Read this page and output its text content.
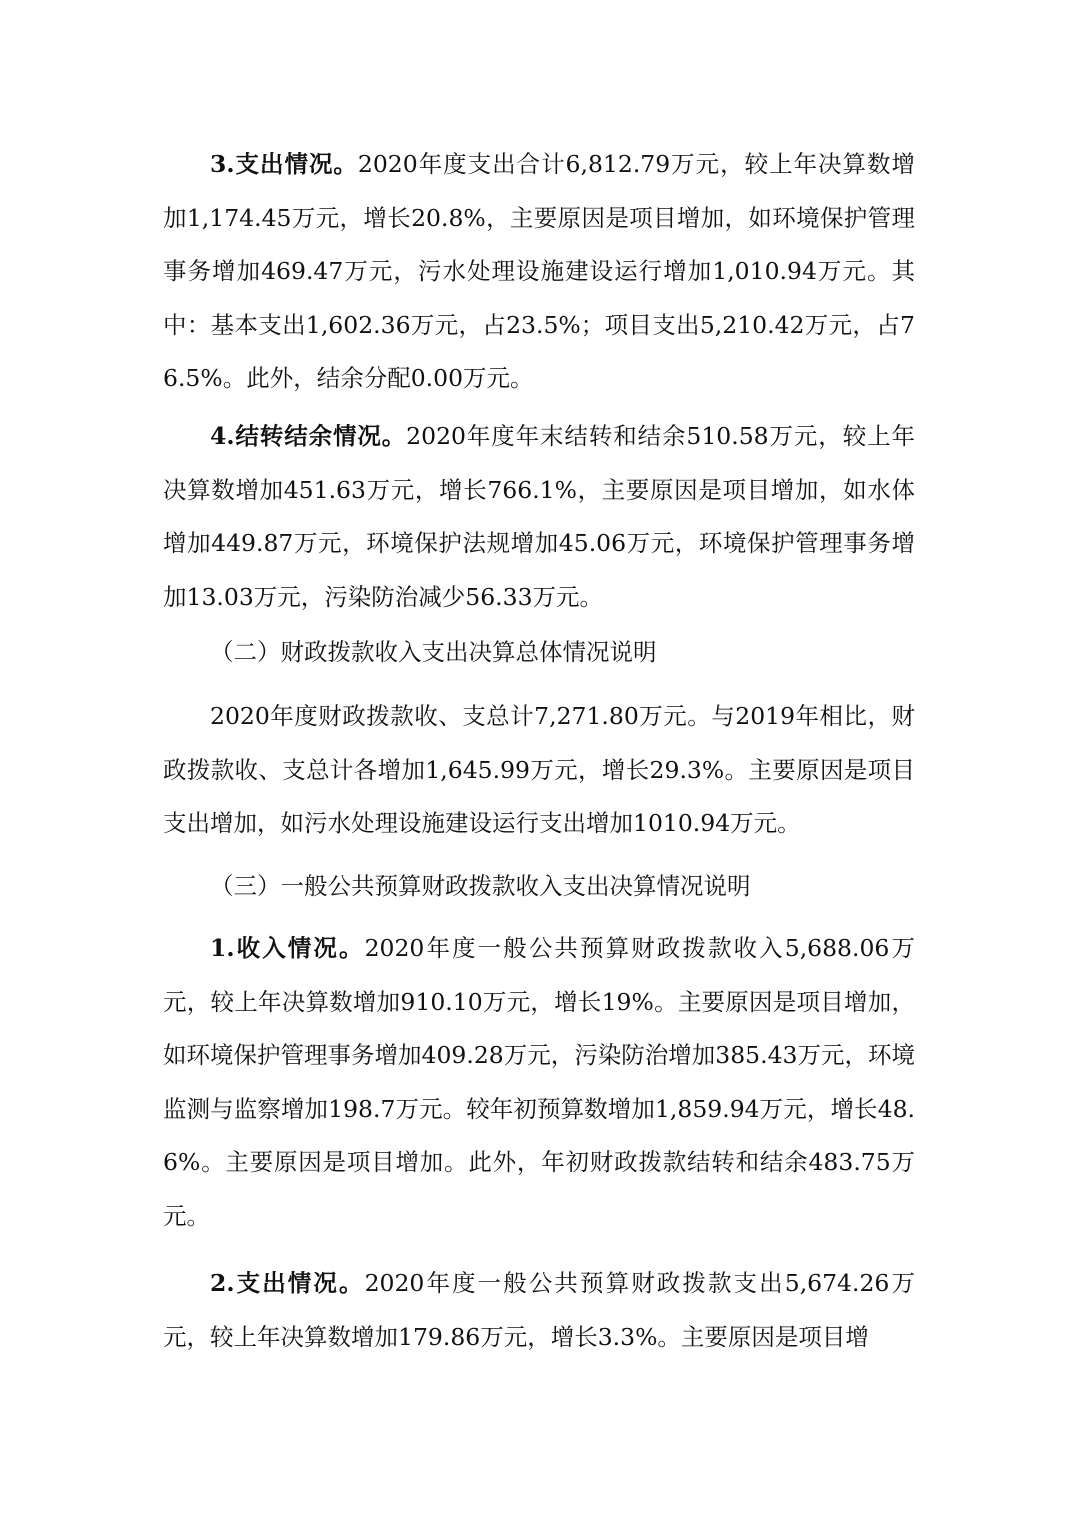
3.支出情况。2020年度支出合计6,812.79万元，较上年决算数增加1,174.45万元，增长20.8%，主要原因是项目增加，如环境保护管理事务增加469.47万元，污水处理设施建设运行增加1,010.94万元。其中：基本支出1,602.36万元，占23.5%；项目支出5,210.42万元，占76.5%。此外，结余分配0.00万元。

4.结转结余情况。2020年度年末结转和结余510.58万元，较上年决算数增加451.63万元，增长766.1%，主要原因是项目增加，如水体增加449.87万元，环境保护法规增加45.06万元，环境保护管理事务增加13.03万元，污染防治减少56.33万元。

（二）财政拨款收入支出决算总体情况说明

2020年度财政拨款收、支总计7,271.80万元。与2019年相比，财政拨款收、支总计各增加1,645.99万元，增长29.3%。主要原因是项目支出增加，如污水处理设施建设运行支出增加1010.94万元。

（三）一般公共预算财政拨款收入支出决算情况说明

1.收入情况。2020年度一般公共预算财政拨款收入5,688.06万元，较上年决算数增加910.10万元，增长19%。主要原因是项目增加，如环境保护管理事务增加409.28万元，污染防治增加385.43万元，环境监测与监察增加198.7万元。较年初预算数增加1,859.94万元，增长48.6%。主要原因是项目增加。此外，年初财政拨款结转和结余483.75万元。

2.支出情况。2020年度一般公共预算财政拨款支出5,674.26万元，较上年决算数增加179.86万元，增长3.3%。主要原因是项目增
